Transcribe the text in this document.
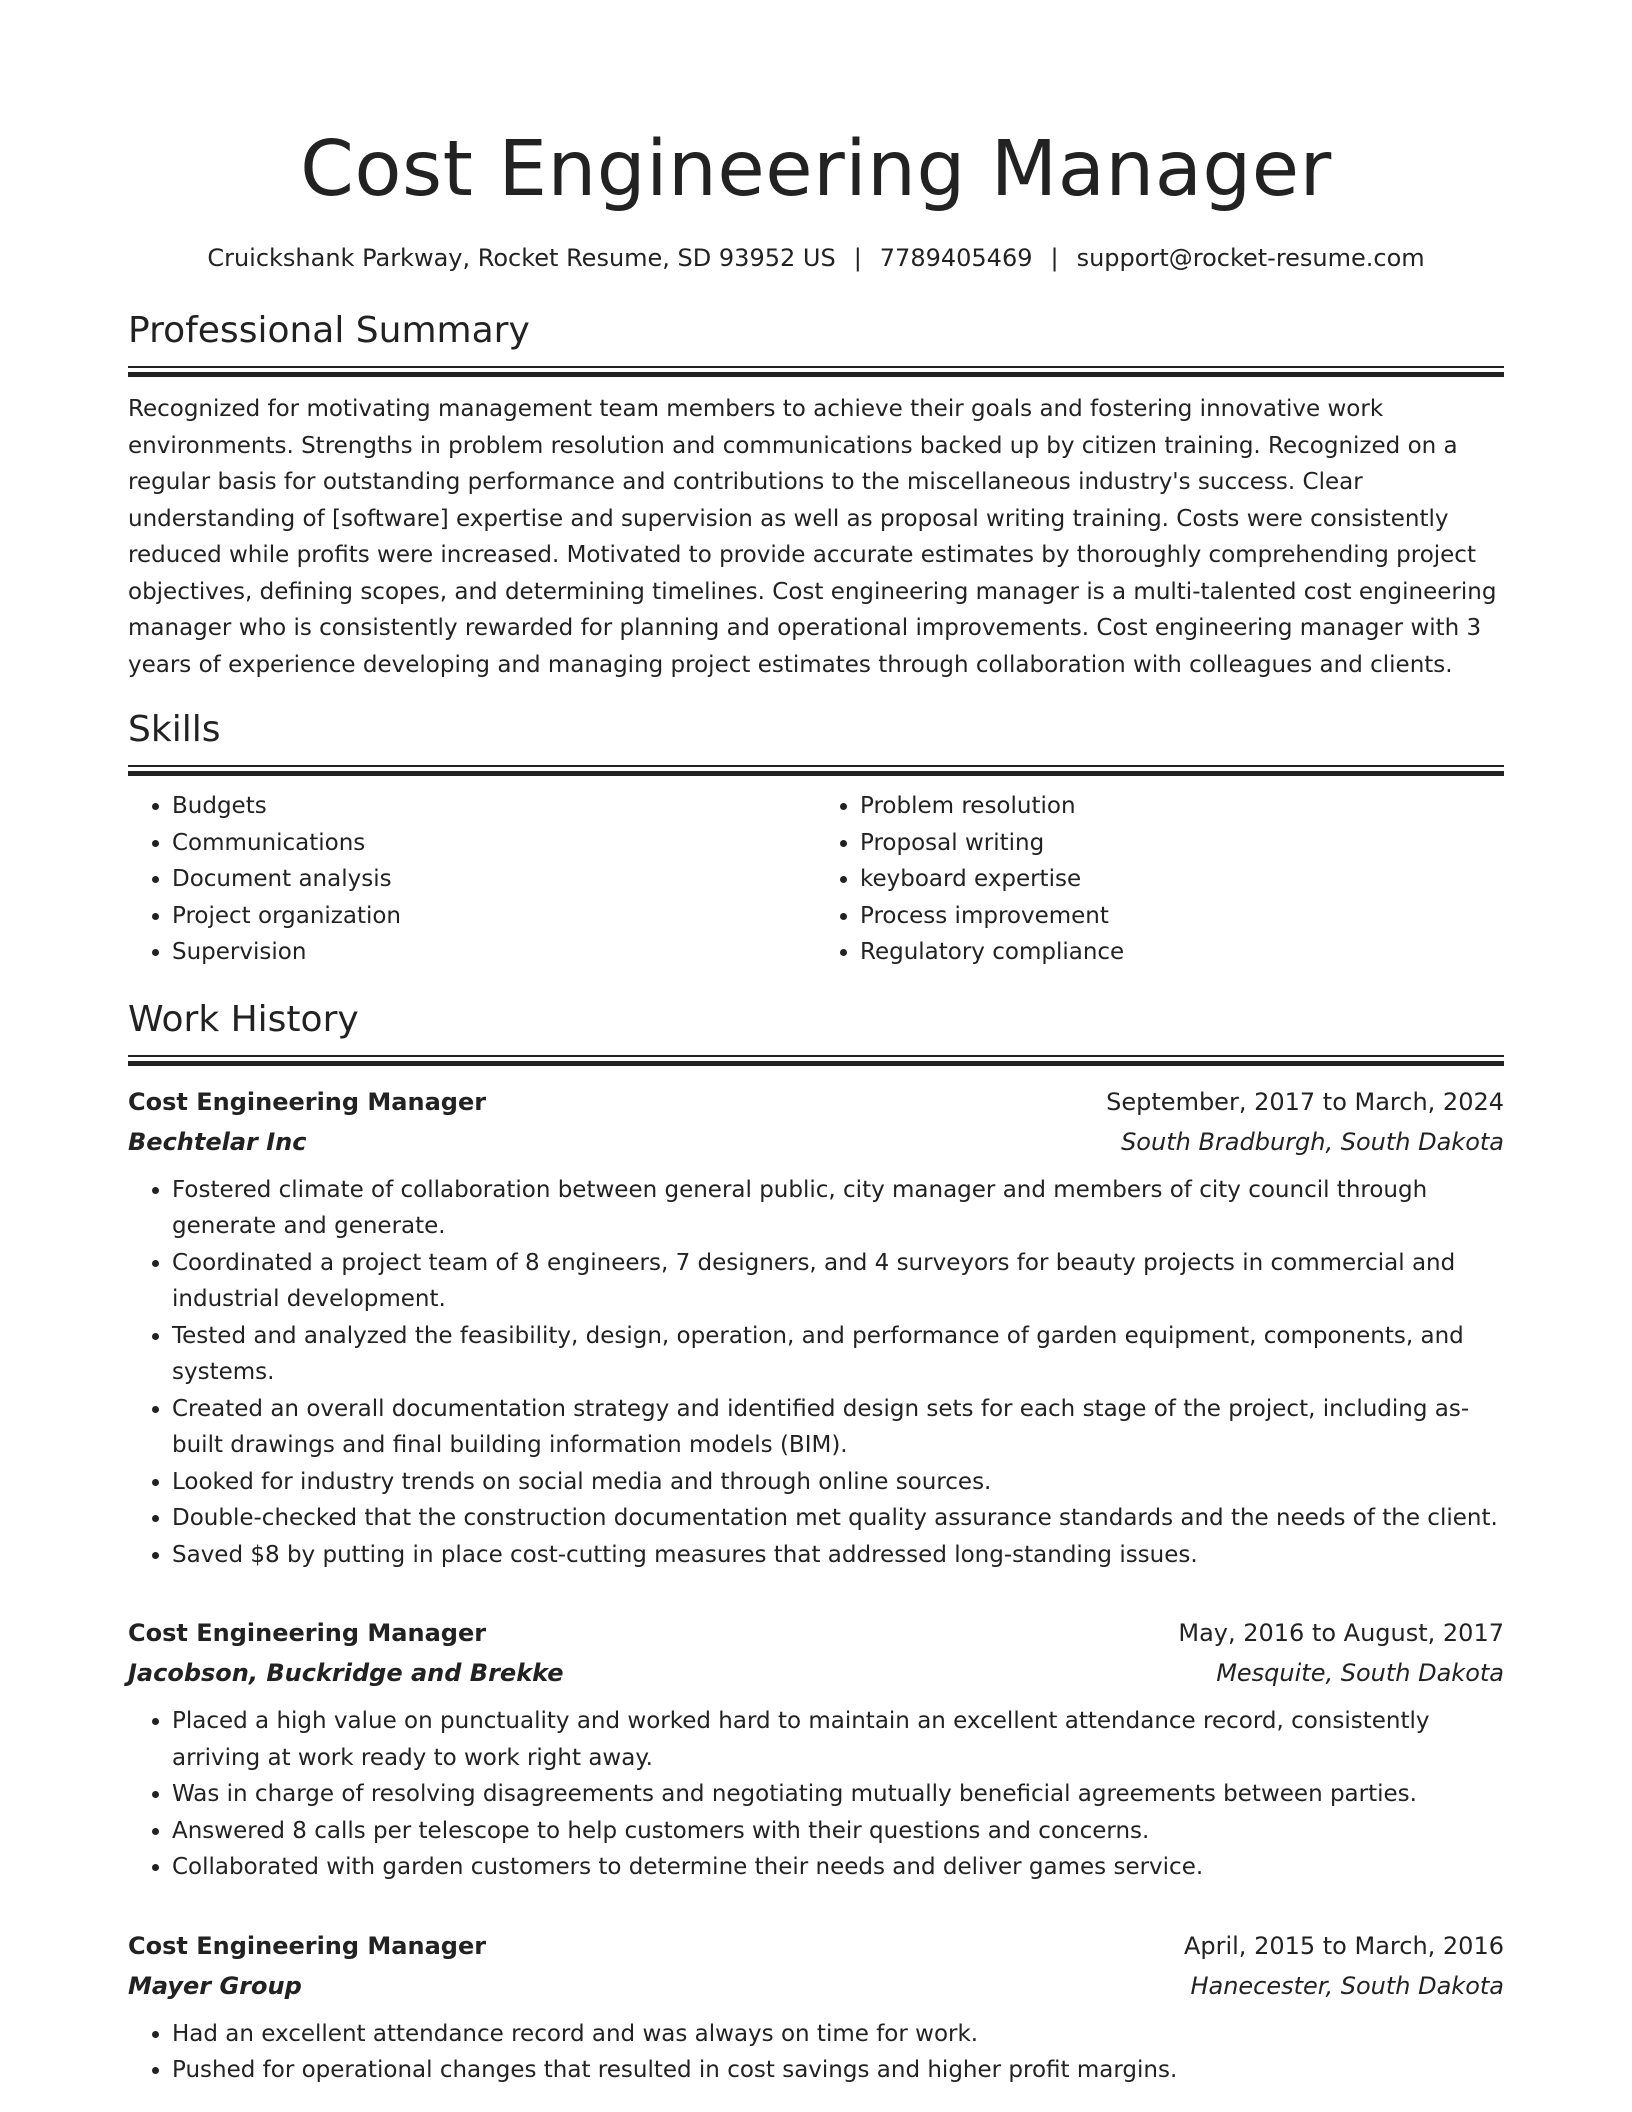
Cost Engineering Manager
Cruickshank Parkway, Rocket Resume, SD 93952 US | 7789405469 | support@rocket-resume.com
Professional Summary

Recognized for motivating management team members to achieve their goals and fostering innovative work environments. Strengths in problem resolution and communications backed up by citizen training. Recognized on a regular basis for outstanding performance and contributions to the miscellaneous industry's success. Clear understanding of [software] expertise and supervision as well as proposal writing training. Costs were consistently reduced while profits were increased. Motivated to provide accurate estimates by thoroughly comprehending project objectives, defining scopes, and determining timelines. Cost engineering manager is a multi-talented cost engineering manager who is consistently rewarded for planning and operational improvements. Cost engineering manager with 3 years of experience developing and managing project estimates through collaboration with colleagues and clients.

Skills
• Budgets
• Communications
• Document analysis
• Project organization
• Supervision
• Problem resolution
• Proposal writing
• keyboard expertise
• Process improvement
• Regulatory compliance
Work History
Cost Engineering Manager	September, 2017 to March, 2024
Bechtelar Inc	South Bradburgh, South Dakota
• Fostered climate of collaboration between general public, city manager and members of city council through generate and generate.
• Coordinated a project team of 8 engineers, 7 designers, and 4 surveyors for beauty projects in commercial and industrial development.
• Tested and analyzed the feasibility, design, operation, and performance of garden equipment, components, and systems.
• Created an overall documentation strategy and identified design sets for each stage of the project, including as-built drawings and final building information models (BIM).
• Looked for industry trends on social media and through online sources.
• Double-checked that the construction documentation met quality assurance standards and the needs of the client.
• Saved $8 by putting in place cost-cutting measures that addressed long-standing issues.
Cost Engineering Manager	May, 2016 to August, 2017
Jacobson, Buckridge and Brekke	Mesquite, South Dakota
• Placed a high value on punctuality and worked hard to maintain an excellent attendance record, consistently arriving at work ready to work right away.
• Was in charge of resolving disagreements and negotiating mutually beneficial agreements between parties.
• Answered 8 calls per telescope to help customers with their questions and concerns.
• Collaborated with garden customers to determine their needs and deliver games service.
Cost Engineering Manager	April, 2015 to March, 2016
Mayer Group	Hanecester, South Dakota
• Had an excellent attendance record and was always on time for work.
• Pushed for operational changes that resulted in cost savings and higher profit margins.
